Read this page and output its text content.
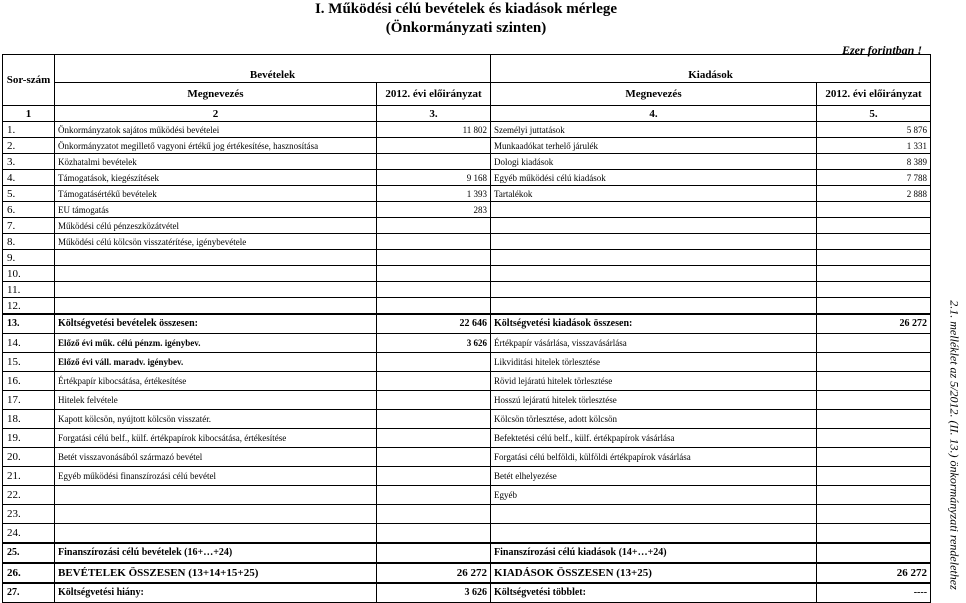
I. Működési célú bevételek és kiadások mérlege
(Önkormányzati szinten)
Ezer forintban !
2.1. melléklet az 5/2012. (II. 13.) önkormányzati rendelethez
Sor-szám	Bevételek		Kiadások	
	Megnevezés	2012. évi előirányzat	Megnevezés	2012. évi előirányzat
1	2	3.	4.	5.
1.	Önkormányzatok sajátos működési bevételei	11 802	Személyi juttatások	5 876
2.	Önkormányzatot megillető vagyoni értékű jog értékesítése, hasznosítása		Munkaadókat terhelő járulék	1 331
3.	Közhatalmi bevételek		Dologi kiadások	8 389
4.	Támogatások, kiegészítések	9 168	Egyéb működési célú kiadások	7 788
5.	Támogatásértékű bevételek	1 393	Tartalékok	2 888
6.	EU támogatás	283		
7.	Működési célú pénzeszközátvétel			
8.	Működési célú kölcsön visszatérítése, igénybevétele			
9.				
10.				
11.				
12.				
13.	Költségvetési bevételek összesen:	22 646	Költségvetési kiadások összesen:	26 272
14.	Előző évi műk. célú pénzm. igénybev.	3 626	Értékpapír vásárlása, visszavásárlása	
15.	Előző évi váll. maradv. igénybev.		Likviditási hitelek törlesztése	
16.	Értékpapír kibocsátása, értékesítése		Rövid lejáratú hitelek törlesztése	
17.	Hitelek felvétele		Hosszú lejáratú hitelek törlesztése	
18.	Kapott kölcsön, nyújtott kölcsön visszatér.		Kölcsön törlesztése, adott kölcsön	
19.	Forgatási célú belf., külf. értékpapírok kibocsátása, értékesítése		Befektetési célú belf., külf. értékpapírok vásárlása	
20.	Betét visszavonásából származó bevétel		Forgatási célú belföldi, külföldi értékpapírok vásárlása	
21.	Egyéb működési finanszírozási célú bevétel		Betét elhelyezése	
22.			Egyéb	
23.				
24.				
25.	Finanszírozási célú bevételek (16+…+24)		Finanszírozási célú kiadások (14+…+24)	
26.	BEVÉTELEK ÖSSZESEN (13+14+15+25)	26 272	KIADÁSOK ÖSSZESEN (13+25)	26 272
27.	Költségvetési hiány:	3 626	Költségvetési többlet:	----
